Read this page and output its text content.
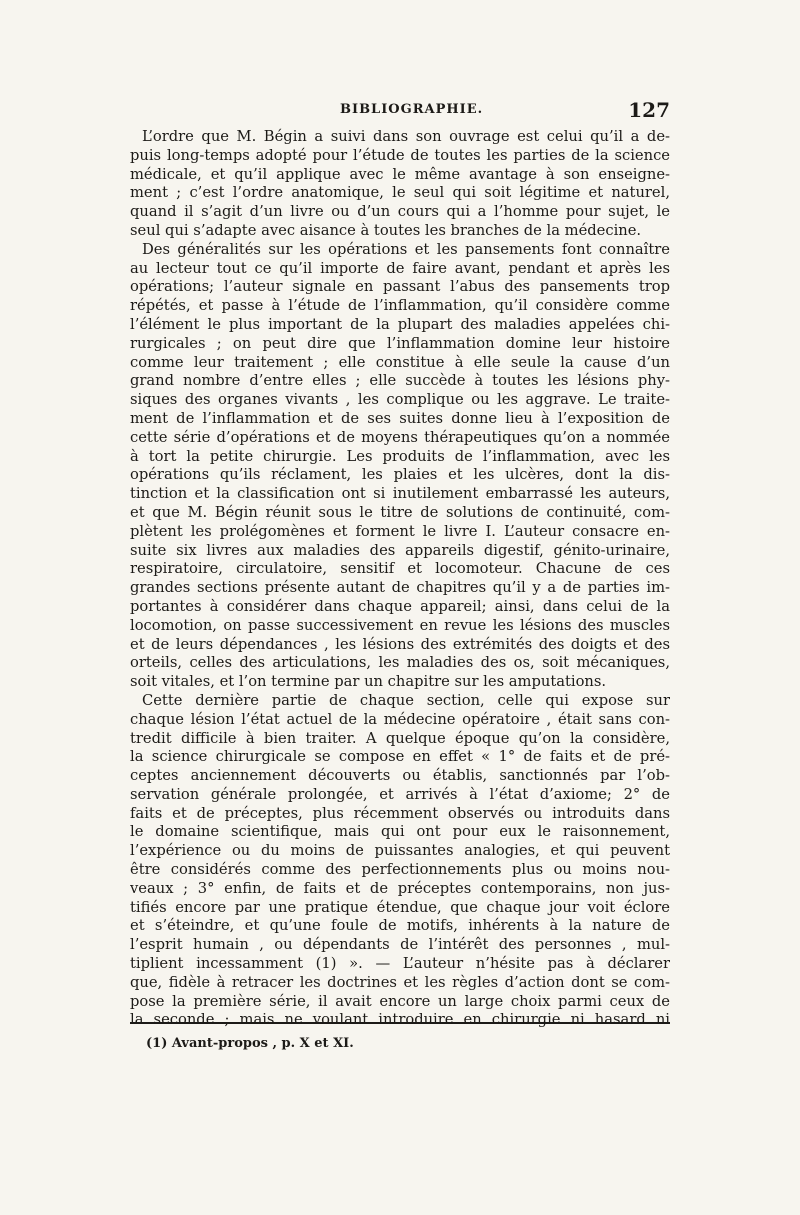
BIBLIOGRAPHIE.	127
L’ordre que M. Bégin a suivi dans son ouvrage est celui qu’il a de-
puis long-temps adopté pour l’étude de toutes les parties de la science
médicale, et qu’il applique avec le même avantage à son enseigne-
ment ; c’est l’ordre anatomique, le seul qui soit légitime et naturel,
quand il s’agit d’un livre ou d’un cours qui a l’homme pour sujet, le
seul qui s’adapte avec aisance à toutes les branches de la médecine.
Des généralités sur les opérations et les pansements font connaître
au lecteur tout ce qu’il importe de faire avant, pendant et après les
opérations; l’auteur signale en passant l’abus des pansements trop
répétés, et passe à l’étude de l’inflammation, qu’il considère comme
l’élément le plus important de la plupart des maladies appelées chi-
rurgicales ; on peut dire que l’inflammation domine leur histoire
comme leur traitement ; elle constitue à elle seule la cause d’un
grand nombre d’entre elles ; elle succède à toutes les lésions phy-
siques des organes vivants , les complique ou les aggrave. Le traite-
ment de l’inflammation et de ses suites donne lieu à l’exposition de
cette série d’opérations et de moyens thérapeutiques qu’on a nommée
à tort la petite chirurgie. Les produits de l’inflammation, avec les
opérations qu’ils réclament, les plaies et les ulcères, dont la dis-
tinction et la classification ont si inutilement embarrassé les auteurs,
et que M. Bégin réunit sous le titre de solutions de continuité, com-
plètent les prolégomènes et forment le livre I. L’auteur consacre en-
suite six livres aux maladies des appareils digestif, génito-urinaire,
respiratoire, circulatoire, sensitif et locomoteur. Chacune de ces
grandes sections présente autant de chapitres qu’il y a de parties im-
portantes à considérer dans chaque appareil; ainsi, dans celui de la
locomotion, on passe successivement en revue les lésions des muscles
et de leurs dépendances , les lésions des extrémités des doigts et des
orteils, celles des articulations, les maladies des os, soit mécaniques,
soit vitales, et l’on termine par un chapitre sur les amputations.
Cette dernière partie de chaque section, celle qui expose sur
chaque lésion l’état actuel de la médecine opératoire , était sans con-
tredit difficile à bien traiter. A quelque époque qu’on la considère,
la science chirurgicale se compose en effet « 1° de faits et de pré-
ceptes anciennement découverts ou établis, sanctionnés par l’ob-
servation générale prolongée, et arrivés à l’état d’axiome; 2° de
faits et de préceptes, plus récemment observés ou introduits dans
le domaine scientifique, mais qui ont pour eux le raisonnement,
l’expérience ou du moins de puissantes analogies, et qui peuvent
être considérés comme des perfectionnements plus ou moins nou-
veaux ; 3° enfin, de faits et de préceptes contemporains, non jus-
tifiés encore par une pratique étendue, que chaque jour voit éclore
et s’éteindre, et qu’une foule de motifs, inhérents à la nature de
l’esprit humain , ou dépendants de l’intérêt des personnes , mul-
tiplient incessamment (1) ». — L’auteur n’hésite pas à déclarer
que, fidèle à retracer les doctrines et les règles d’action dont se com-
pose la première série, il avait encore un large choix parmi ceux de
la seconde ; mais ne voulant introduire en chirurgie ni hasard ni
(1) Avant-propos , p. X et XI.
